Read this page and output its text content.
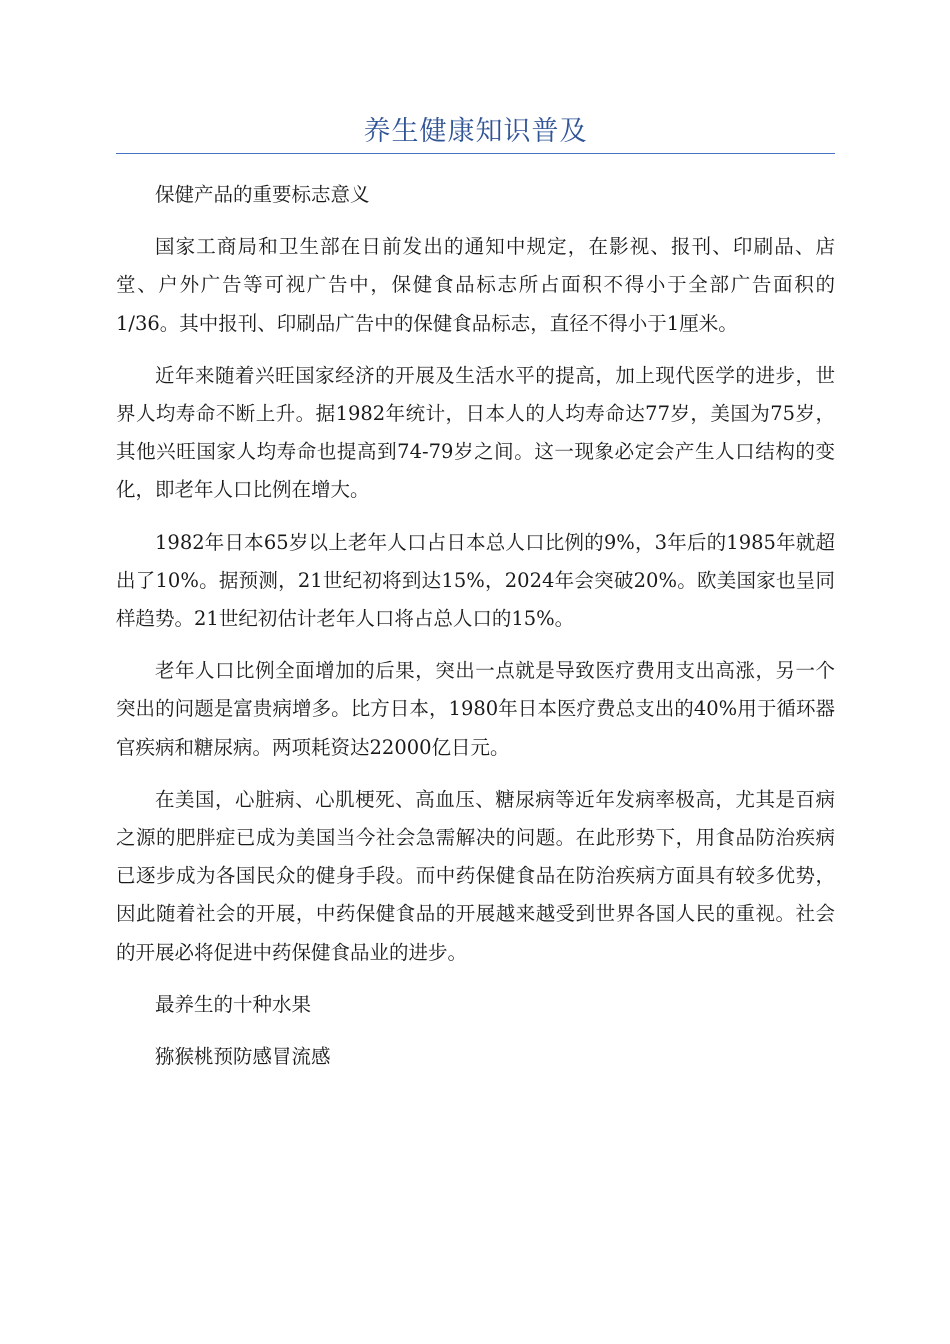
养生健康知识普及

保健产品的重要标志意义

国家工商局和卫生部在日前发出的通知中规定，在影视、报刊、印刷品、店堂、户外广告等可视广告中，保健食品标志所占面积不得小于全部广告面积的1/36。其中报刊、印刷品广告中的保健食品标志，直径不得小于1厘米。

近年来随着兴旺国家经济的开展及生活水平的提高，加上现代医学的进步，世界人均寿命不断上升。据1982年统计，日本人的人均寿命达77岁，美国为75岁，其他兴旺国家人均寿命也提高到74-79岁之间。这一现象必定会产生人口结构的变化，即老年人口比例在增大。

1982年日本65岁以上老年人口占日本总人口比例的9%，3年后的1985年就超出了10%。据预测，21世纪初将到达15%，2024年会突破20%。欧美国家也呈同样趋势。21世纪初估计老年人口将占总人口的15%。

老年人口比例全面增加的后果，突出一点就是导致医疗费用支出高涨，另一个突出的问题是富贵病增多。比方日本，1980年日本医疗费总支出的40%用于循环器官疾病和糖尿病。两项耗资达22000亿日元。

在美国，心脏病、心肌梗死、高血压、糖尿病等近年发病率极高，尤其是百病之源的肥胖症已成为美国当今社会急需解决的问题。在此形势下，用食品防治疾病已逐步成为各国民众的健身手段。而中药保健食品在防治疾病方面具有较多优势，因此随着社会的开展，中药保健食品的开展越来越受到世界各国人民的重视。社会的开展必将促进中药保健食品业的进步。

最养生的十种水果

猕猴桃预防感冒流感
